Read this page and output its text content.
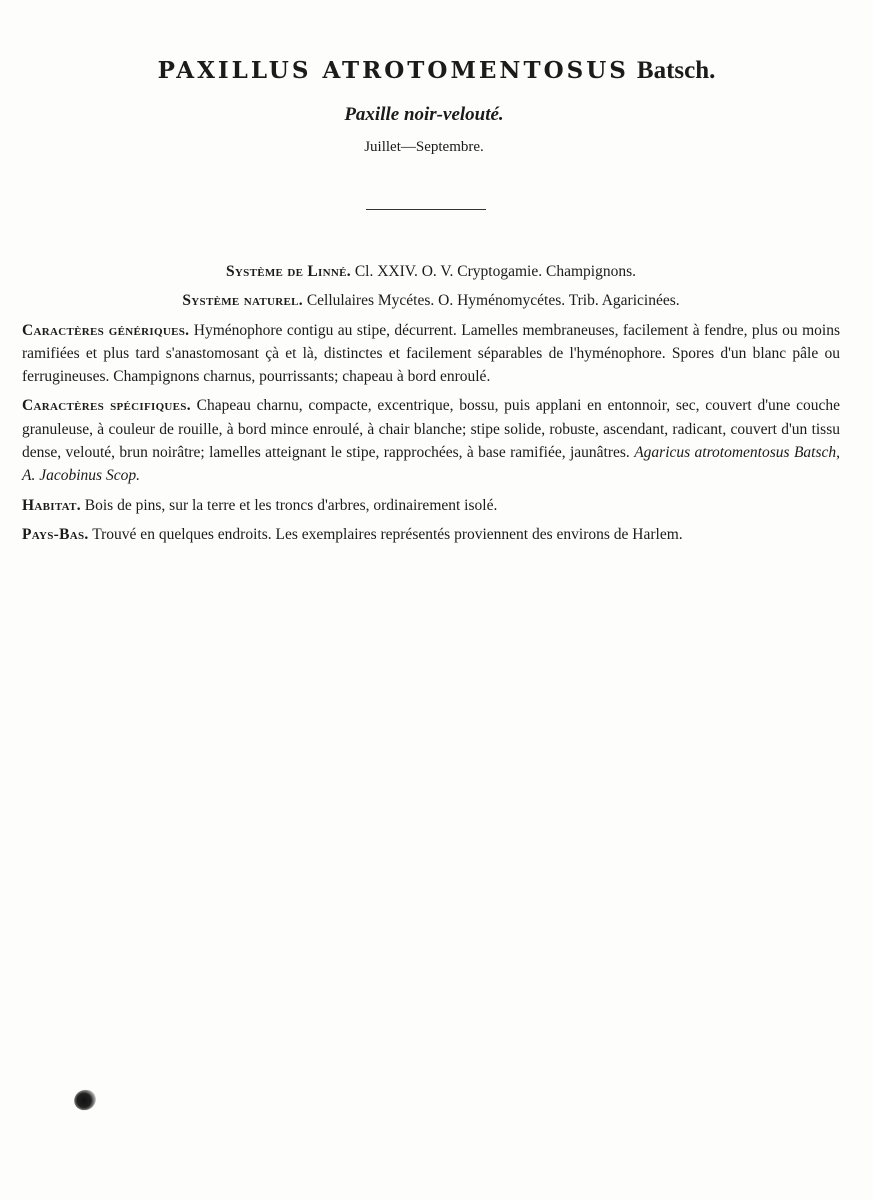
PAXILLUS ATROTOMENTOSUS Batsch.
Paxille noir-velouté.
Juillet—Septembre.

Système de Linné. Cl. XXIV. O. V. Cryptogamie. Champignons.

Système naturel. Cellulaires Mycétes. O. Hyménomycétes. Trib. Agaricinées.

Caractères génériques. Hyménophore contigu au stipe, décurrent. Lamelles membraneuses, facilement à fendre, plus ou moins ramifiées et plus tard s'anastomosant çà et là, distinctes et facilement séparables de l'hyménophore. Spores d'un blanc pâle ou ferrugineuses. Champignons charnus, pourrissants; chapeau à bord enroulé.

Caractères spécifiques. Chapeau charnu, compacte, excentrique, bossu, puis applani en entonnoir, sec, couvert d'une couche granuleuse, à couleur de rouille, à bord mince enroulé, à chair blanche; stipe solide, robuste, ascendant, radicant, couvert d'un tissu dense, velouté, brun noirâtre; lamelles atteignant le stipe, rapprochées, à base ramifiée, jaunâtres. Agaricus atrotomentosus Batsch, A. Jacobinus Scop.

Habitat. Bois de pins, sur la terre et les troncs d'arbres, ordinairement isolé.

Pays-Bas. Trouvé en quelques endroits. Les exemplaires représentés proviennent des environs de Harlem.
